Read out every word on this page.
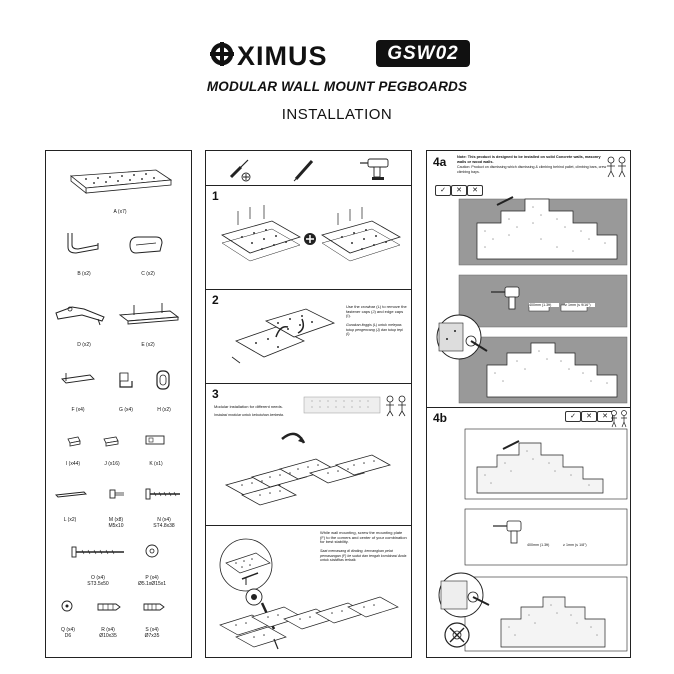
XIMUS	GSW02
MODULAR WALL MOUNT PEGBOARDS
INSTALLATION
A (x7)
B (x2)	C (x2)
D (x2)	E (x2)
F (x4)	G (x4)	H (x2)
I (x44)	J (x16)	K (x1)
L (x2)	M (x8)
M5x10
N (x4)
ST4.8x38
O (x4)
ST3.5x50
P (x4)
Ø5.1xØ15x1
Q (x4)
D6
R (x4)
Ø10x35
S (x4)
Ø7x35
1
2	Use the crowbar (L) to remove the fastener caps (J) and edge caps (I).
Gunakan linggis (L) untuk melepas tutup pengencang (J) dan tutup tepi (I).
3
Modular installation for different needs.
Instalasi modular untuk kebutuhan berbeda.
While wall mounting, screw the mounting plate (F) to the corners and center of your combination for best stability.
Saat memasang di dinding, kencangkan pelat pemasangan (F) ke sudut dan tengah kombinasi Anda untuk stabilitas terbaik.
4a	Note: This product is designed to be installed on solid Concrete walls, masonry walls or wood walls.
Caution: Product on dismissing which dismissing & climbing behind pallet, climbing bars, crew climbing bays.
✓	✕	✕
400mm (1.3ft)	≥ 1mm (≤ 9/16")
4b	✓	✕	✕
400mm (1.3ft)	≥ 1mm (≤ 1/8")
